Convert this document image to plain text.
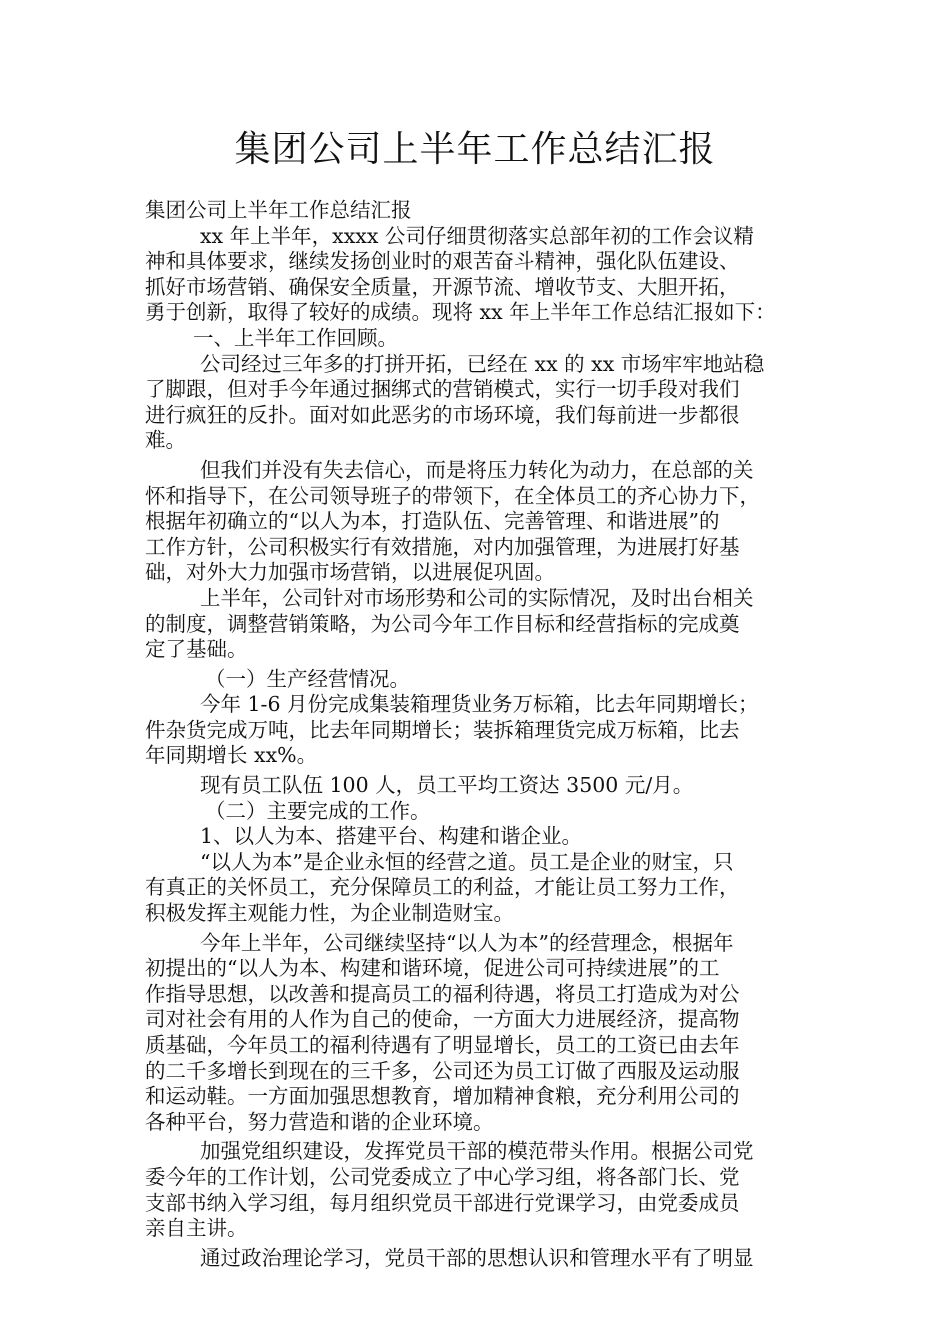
集团公司上半年工作总结汇报

集团公司上半年工作总结汇报

xx 年上半年，xxxx 公司仔细贯彻落实总部年初的工作会议精
神和具体要求，继续发扬创业时的艰苦奋斗精神，强化队伍建设、
抓好市场营销、确保安全质量，开源节流、增收节支、大胆开拓，
勇于创新，取得了较好的成绩。现将 xx 年上半年工作总结汇报如下：

一、上半年工作回顾。

公司经过三年多的打拼开拓，已经在 xx 的 xx 市场牢牢地站稳
了脚跟，但对手今年通过捆绑式的营销模式，实行一切手段对我们
进行疯狂的反扑。面对如此恶劣的市场环境，我们每前进一步都很
难。

但我们并没有失去信心，而是将压力转化为动力，在总部的关
怀和指导下，在公司领导班子的带领下，在全体员工的齐心协力下，
根据年初确立的“以人为本，打造队伍、完善管理、和谐进展”的
工作方针，公司积极实行有效措施，对内加强管理，为进展打好基
础，对外大力加强市场营销，以进展促巩固。

上半年，公司针对市场形势和公司的实际情况，及时出台相关
的制度，调整营销策略，为公司今年工作目标和经营指标的完成奠
定了基础。

（一）生产经营情况。

今年 1-6 月份完成集装箱理货业务万标箱，比去年同期增长；
件杂货完成万吨，比去年同期增长；装拆箱理货完成万标箱，比去
年同期增长 xx%。

现有员工队伍 100 人，员工平均工资达 3500 元/月。

（二）主要完成的工作。

1、以人为本、搭建平台、构建和谐企业。

“以人为本”是企业永恒的经营之道。员工是企业的财宝，只
有真正的关怀员工，充分保障员工的利益，才能让员工努力工作，
积极发挥主观能力性，为企业制造财宝。

今年上半年，公司继续坚持“以人为本”的经营理念，根据年
初提出的“以人为本、构建和谐环境，促进公司可持续进展”的工
作指导思想，以改善和提高员工的福利待遇，将员工打造成为对公
司对社会有用的人作为自己的使命，一方面大力进展经济，提高物
质基础，今年员工的福利待遇有了明显增长，员工的工资已由去年
的二千多增长到现在的三千多，公司还为员工订做了西服及运动服
和运动鞋。一方面加强思想教育，增加精神食粮，充分利用公司的
各种平台，努力营造和谐的企业环境。

加强党组织建设，发挥党员干部的模范带头作用。根据公司党
委今年的工作计划，公司党委成立了中心学习组，将各部门长、党
支部书纳入学习组，每月组织党员干部进行党课学习，由党委成员
亲自主讲。

通过政治理论学习，党员干部的思想认识和管理水平有了明显
